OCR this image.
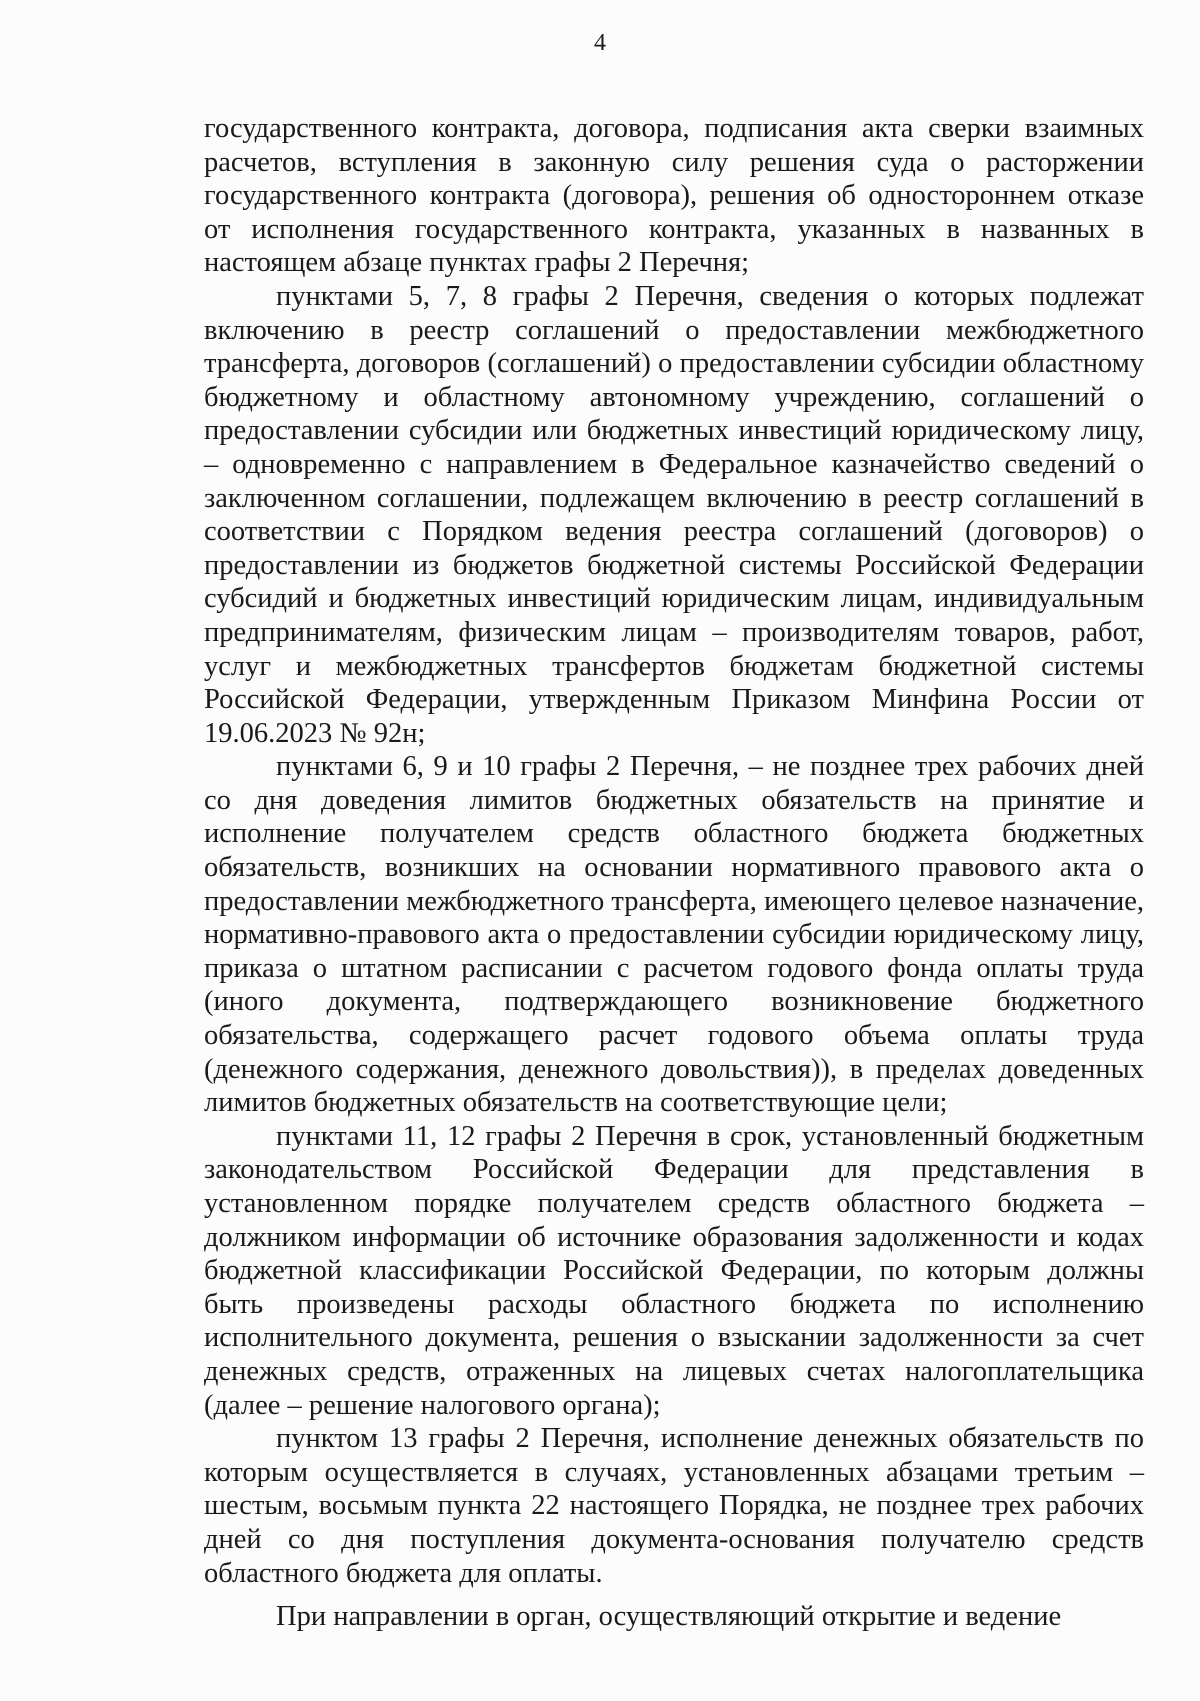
4

государственного контракта, договора, подписания акта сверки взаимных расчетов, вступления в законную силу решения суда о расторжении государственного контракта (договора), решения об одностороннем отказе от исполнения государственного контракта, указанных в названных в настоящем абзаце пунктах графы 2 Перечня;

пунктами 5, 7, 8 графы 2 Перечня, сведения о которых подлежат включению в реестр соглашений о предоставлении межбюджетного трансферта, договоров (соглашений) о предоставлении субсидии областному бюджетному и областному автономному учреждению, соглашений о предоставлении субсидии или бюджетных инвестиций юридическому лицу, – одновременно с направлением в Федеральное казначейство сведений о заключенном соглашении, подлежащем включению в реестр соглашений в соответствии с Порядком ведения реестра соглашений (договоров) о предоставлении из бюджетов бюджетной системы Российской Федерации субсидий и бюджетных инвестиций юридическим лицам, индивидуальным предпринимателям, физическим лицам – производителям товаров, работ, услуг и межбюджетных трансфертов бюджетам бюджетной системы Российской Федерации, утвержденным Приказом Минфина России от 19.06.2023 № 92н;

пунктами 6, 9 и 10 графы 2 Перечня, – не позднее трех рабочих дней со дня доведения лимитов бюджетных обязательств на принятие и исполнение получателем средств областного бюджета бюджетных обязательств, возникших на основании нормативного правового акта о предоставлении межбюджетного трансферта, имеющего целевое назначение, нормативно-правового акта о предоставлении субсидии юридическому лицу, приказа о штатном расписании с расчетом годового фонда оплаты труда (иного документа, подтверждающего возникновение бюджетного обязательства, содержащего расчет годового объема оплаты труда (денежного содержания, денежного довольствия)), в пределах доведенных лимитов бюджетных обязательств на соответствующие цели;

пунктами 11, 12 графы 2 Перечня в срок, установленный бюджетным законодательством Российской Федерации для представления в установленном порядке получателем средств областного бюджета – должником информации об источнике образования задолженности и кодах бюджетной классификации Российской Федерации, по которым должны быть произведены расходы областного бюджета по исполнению исполнительного документа, решения о взыскании задолженности за счет денежных средств, отраженных на лицевых счетах налогоплательщика (далее – решение налогового органа);

пунктом 13 графы 2 Перечня, исполнение денежных обязательств по которым осуществляется в случаях, установленных абзацами третьим – шестым, восьмым пункта 22 настоящего Порядка, не позднее трех рабочих дней со дня поступления документа-основания получателю средств областного бюджета для оплаты.

При направлении в орган, осуществляющий открытие и ведение
